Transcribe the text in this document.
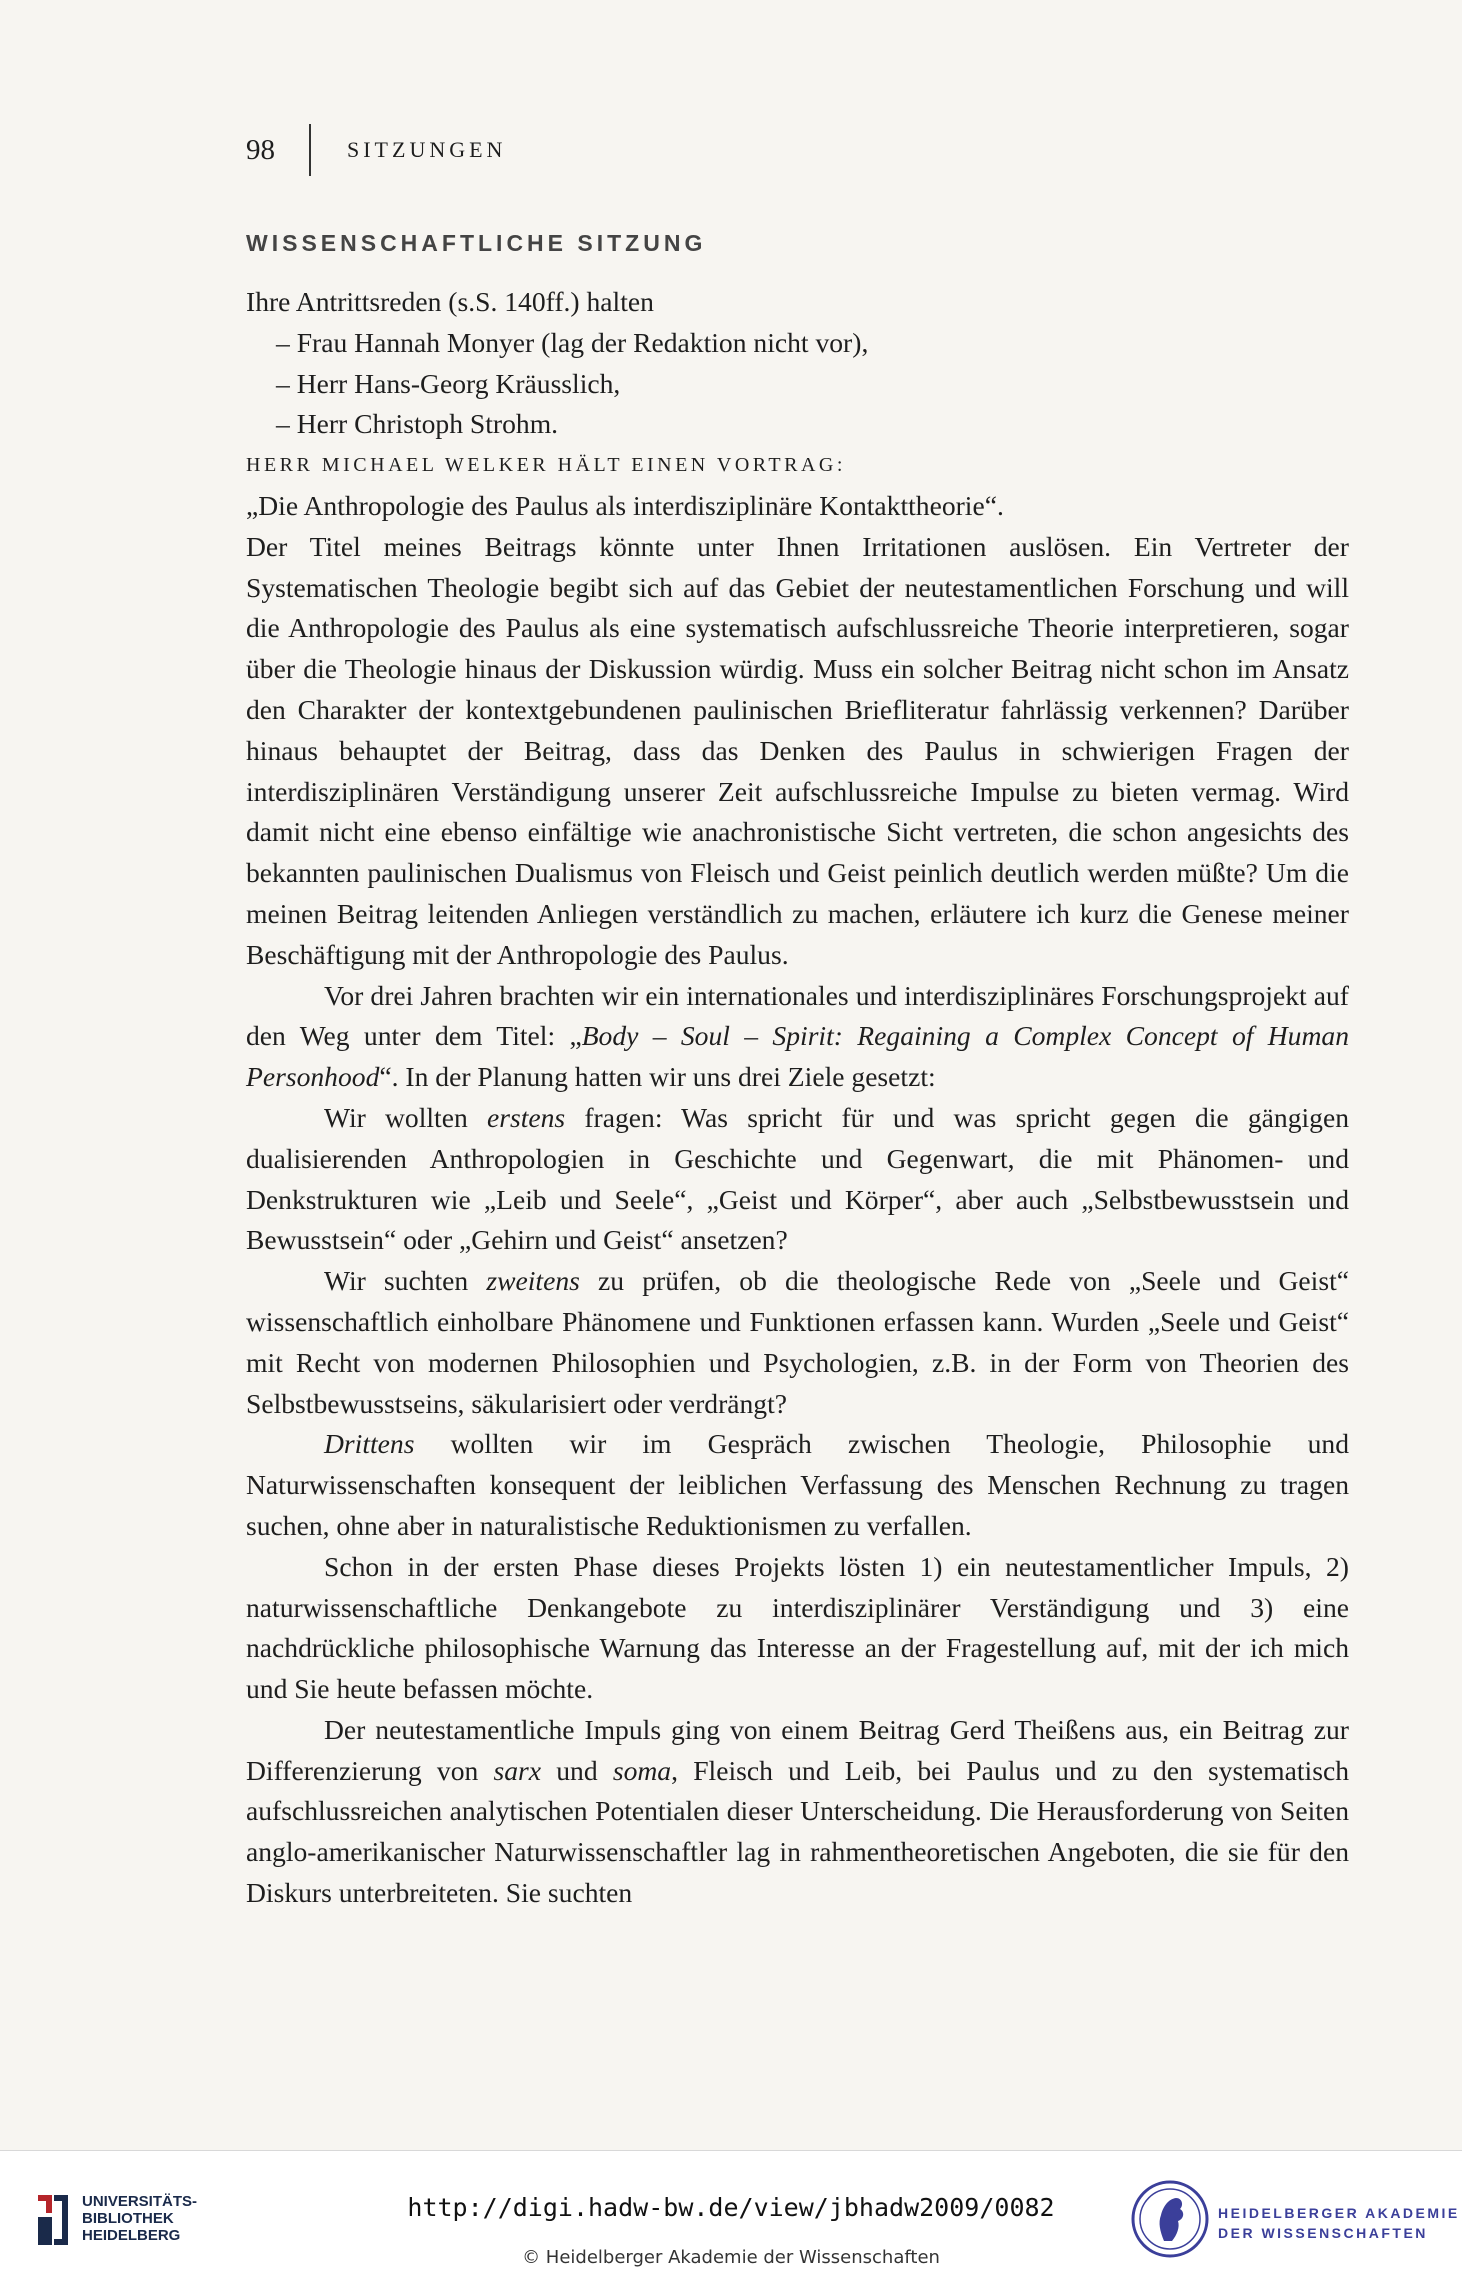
98	SITZUNGEN
WISSENSCHAFTLICHE SITZUNG

Ihre Antrittsreden (s.S. 140ff.) halten

– Frau Hannah Monyer (lag der Redaktion nicht vor),

– Herr Hans-Georg Kräusslich,

– Herr Christoph Strohm.

HERR MICHAEL WELKER HÄLT EINEN VORTRAG:

„Die Anthropologie des Paulus als interdisziplinäre Kontakttheorie“.

Der Titel meines Beitrags könnte unter Ihnen Irritationen auslösen. Ein Vertreter der Systematischen Theologie begibt sich auf das Gebiet der neutestamentlichen Forschung und will die Anthropologie des Paulus als eine systematisch aufschlussreiche Theorie interpretieren, sogar über die Theologie hinaus der Diskussion würdig. Muss ein solcher Beitrag nicht schon im Ansatz den Charakter der kontextgebundenen paulinischen Briefliteratur fahrlässig verkennen? Darüber hinaus behauptet der Beitrag, dass das Denken des Paulus in schwierigen Fragen der interdisziplinären Verständigung unserer Zeit aufschlussreiche Impulse zu bieten vermag. Wird damit nicht eine ebenso einfältige wie anachronistische Sicht vertreten, die schon angesichts des bekannten paulinischen Dualismus von Fleisch und Geist peinlich deutlich werden müßte? Um die meinen Beitrag leitenden Anliegen verständlich zu machen, erläutere ich kurz die Genese meiner Beschäftigung mit der Anthropologie des Paulus.

Vor drei Jahren brachten wir ein internationales und interdisziplinäres Forschungsprojekt auf den Weg unter dem Titel: „Body – Soul – Spirit: Regaining a Complex Concept of Human Personhood“. In der Planung hatten wir uns drei Ziele gesetzt:

Wir wollten erstens fragen: Was spricht für und was spricht gegen die gängigen dualisierenden Anthropologien in Geschichte und Gegenwart, die mit Phänomen- und Denkstrukturen wie „Leib und Seele“, „Geist und Körper“, aber auch „Selbstbewusstsein und Bewusstsein“ oder „Gehirn und Geist“ ansetzen?

Wir suchten zweitens zu prüfen, ob die theologische Rede von „Seele und Geist“ wissenschaftlich einholbare Phänomene und Funktionen erfassen kann. Wurden „Seele und Geist“ mit Recht von modernen Philosophien und Psychologien, z.B. in der Form von Theorien des Selbstbewusstseins, säkularisiert oder verdrängt?

Drittens wollten wir im Gespräch zwischen Theologie, Philosophie und Naturwissenschaften konsequent der leiblichen Verfassung des Menschen Rechnung zu tragen suchen, ohne aber in naturalistische Reduktionismen zu verfallen.

Schon in der ersten Phase dieses Projekts lösten 1) ein neutestamentlicher Impuls, 2) naturwissenschaftliche Denkangebote zu interdisziplinärer Verständigung und 3) eine nachdrückliche philosophische Warnung das Interesse an der Fragestellung auf, mit der ich mich und Sie heute befassen möchte.

Der neutestamentliche Impuls ging von einem Beitrag Gerd Theißens aus, ein Beitrag zur Differenzierung von sarx und soma, Fleisch und Leib, bei Paulus und zu den systematisch aufschlussreichen analytischen Potentialen dieser Unterscheidung. Die Herausforderung von Seiten anglo-amerikanischer Naturwissenschaftler lag in rahmentheoretischen Angeboten, die sie für den Diskurs unterbreiteten. Sie suchten

UNIVERSITÄTS-
BIBLIOTHEK
HEIDELBERG
http://digi.hadw-bw.de/view/jbhadw2009/0082
© Heidelberger Akademie der Wissenschaften
HEIDELBERGER AKADEMIE
DER WISSENSCHAFTEN
